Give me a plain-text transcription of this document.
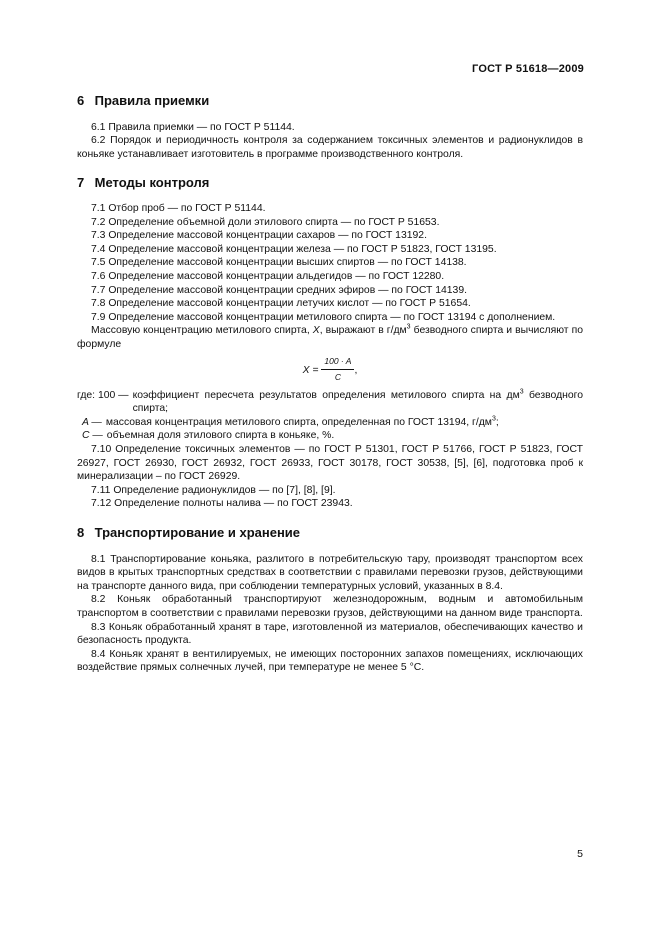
ГОСТ Р 51618—2009
6 Правила приемки

6.1 Правила приемки — по ГОСТ Р 51144.

6.2 Порядок и периодичность контроля за содержанием токсичных элементов и радионуклидов в коньяке устанавливает изготовитель в программе производственного контроля.

7 Методы контроля

7.1 Отбор проб — по ГОСТ Р 51144.

7.2 Определение объемной доли этилового спирта — по ГОСТ Р 51653.

7.3 Определение массовой концентрации сахаров — по ГОСТ 13192.

7.4 Определение массовой концентрации железа — по ГОСТ Р 51823, ГОСТ 13195.

7.5 Определение массовой концентрации высших спиртов — по ГОСТ 14138.

7.6 Определение массовой концентрации альдегидов — по ГОСТ 12280.

7.7 Определение массовой концентрации средних эфиров — по ГОСТ 14139.

7.8 Определение массовой концентрации летучих кислот — по ГОСТ Р 51654.

7.9 Определение массовой концентрации метилового спирта — по ГОСТ 13194 с дополнением.

Массовую концентрацию метилового спирта, X, выражают в $г/дм^3$ безводного спирта и вычисляют по формуле

$X = \frac{100 \cdot A}{C}$ ,
где: 100 — коэффициент пересчета результатов определения метилового спирта на $дм^3$ безводного спирта;
A — массовая концентрация метилового спирта, определенная по ГОСТ 13194, $г/дм^3$;
C — объемная доля этилового спирта в коньяке, %.

7.10 Определение токсичных элементов — по ГОСТ Р 51301, ГОСТ Р 51766, ГОСТ Р 51823, ГОСТ 26927, ГОСТ 26930, ГОСТ 26932, ГОСТ 26933, ГОСТ 30178, ГОСТ 30538, [5], [6], подготовка проб к минерализации – по ГОСТ 26929.

7.11 Определение радионуклидов — по [7], [8], [9].

7.12 Определение полноты налива — по ГОСТ 23943.

8 Транспортирование и хранение

8.1 Транспортирование коньяка, разлитого в потребительскую тару, производят транспортом всех видов в крытых транспортных средствах в соответствии с правилами перевозки грузов, действующими на транспорте данного вида, при соблюдении температурных условий, указанных в 8.4.

8.2 Коньяк обработанный транспортируют железнодорожным, водным и автомобильным транспортом в соответствии с правилами перевозки грузов, действующими на данном виде транспорта.

8.3 Коньяк обработанный хранят в таре, изготовленной из материалов, обеспечивающих качество и безопасность продукта.

8.4 Коньяк хранят в вентилируемых, не имеющих посторонних запахов помещениях, исключающих воздействие прямых солнечных лучей, при температуре не менее 5 °С.

5
